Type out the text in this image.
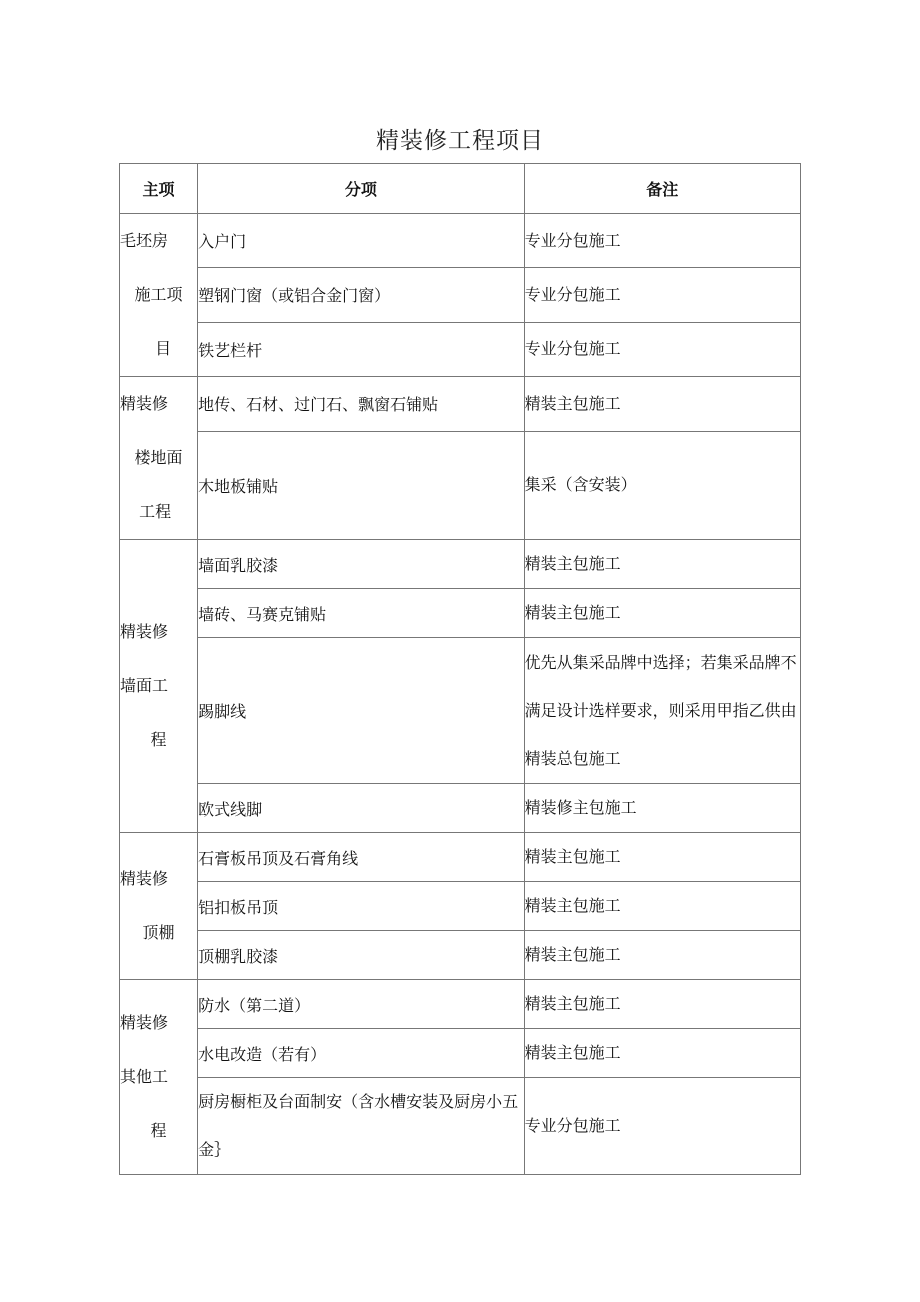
精装修工程项目
主项	分项	备注

毛坯房
施工项
目	入户门	专业分包施工
	塑钢门窗（或铝合金门窗）	专业分包施工
	铁艺栏杆	专业分包施工

精装修
楼地面
工程	地传、石材、过门石、飘窗石铺贴	精装主包施工
	木地板铺贴	集采（含安装）

精装修
墙面工
程	墙面乳胶漆	精装主包施工
	墙砖、马赛克铺贴	精装主包施工
	踢脚线	优先从集采品牌中选择；若集采品牌不满足设计选样要求，则采用甲指乙供由精装总包施工
	欧式线脚	精装修主包施工

精装修
顶棚	石膏板吊顶及石膏角线	精装主包施工
	铝扣板吊顶	精装主包施工
	顶棚乳胶漆	精装主包施工

精装修
其他工
程	防水（第二道）	精装主包施工
	水电改造（若有）	精装主包施工
	厨房橱柜及台面制安（含水槽安装及厨房小五金｝	专业分包施工
